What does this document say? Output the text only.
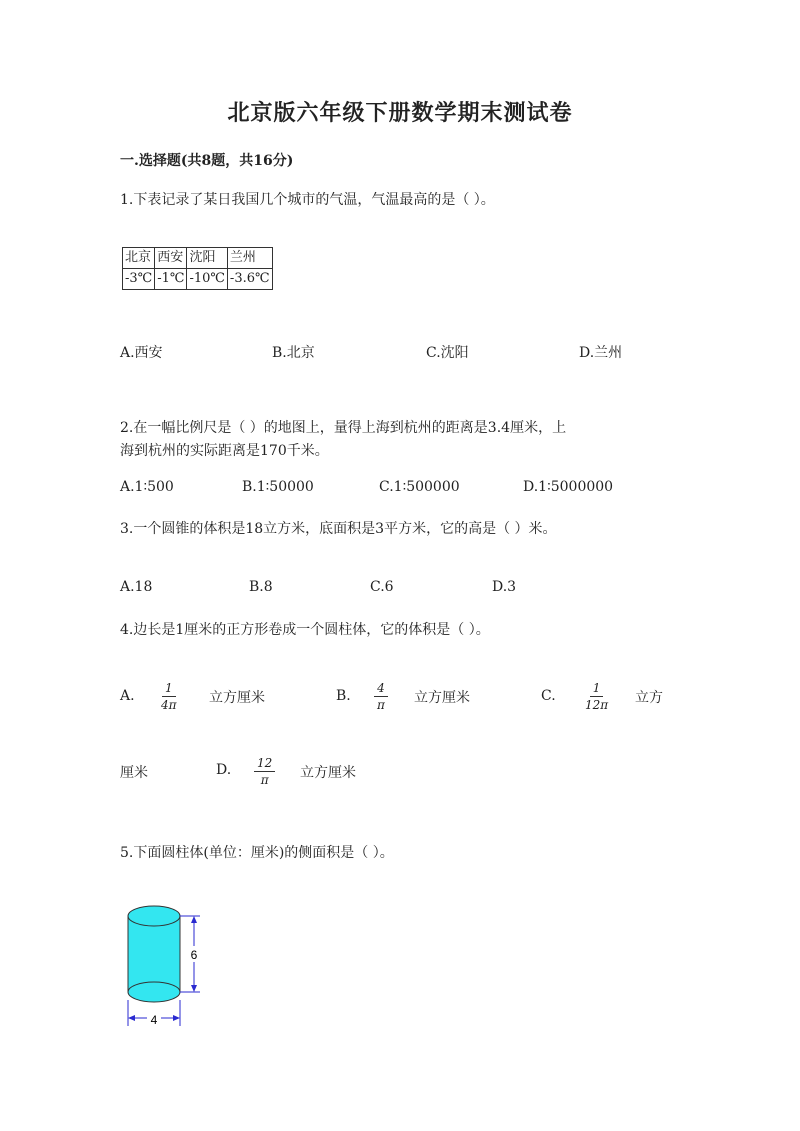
北京版六年级下册数学期末测试卷
一.选择题(共8题，共16分)
1.下表记录了某日我国几个城市的气温，气温最高的是（ ）。
北京	西安	沈阳	兰州
-3℃	-1℃	-10℃	-3.6℃
A.西安	B.北京	C.沈阳	D.兰州
2.在一幅比例尺是（ ）的地图上，量得上海到杭州的距离是3.4厘米，上
海到杭州的实际距离是170千米。
A.1∶500	B.1∶50000	C.1∶500000	D.1∶5000000
3.一个圆锥的体积是18立方米，底面积是3平方米，它的高是（ ）米。
A.18	B.8	C.6	D.3
4.边长是1厘米的正方形卷成一个圆柱体，它的体积是（ ）。
A. $\frac{1}{4\pi}$ 立方厘米	B. $\frac{4}{\pi}$ 立方厘米	C. $\frac{1}{12\pi}$ 立方
厘米	D. $\frac{12}{\pi}$ 立方厘米
5.下面圆柱体(单位：厘米)的侧面积是（ ）。
6
4
